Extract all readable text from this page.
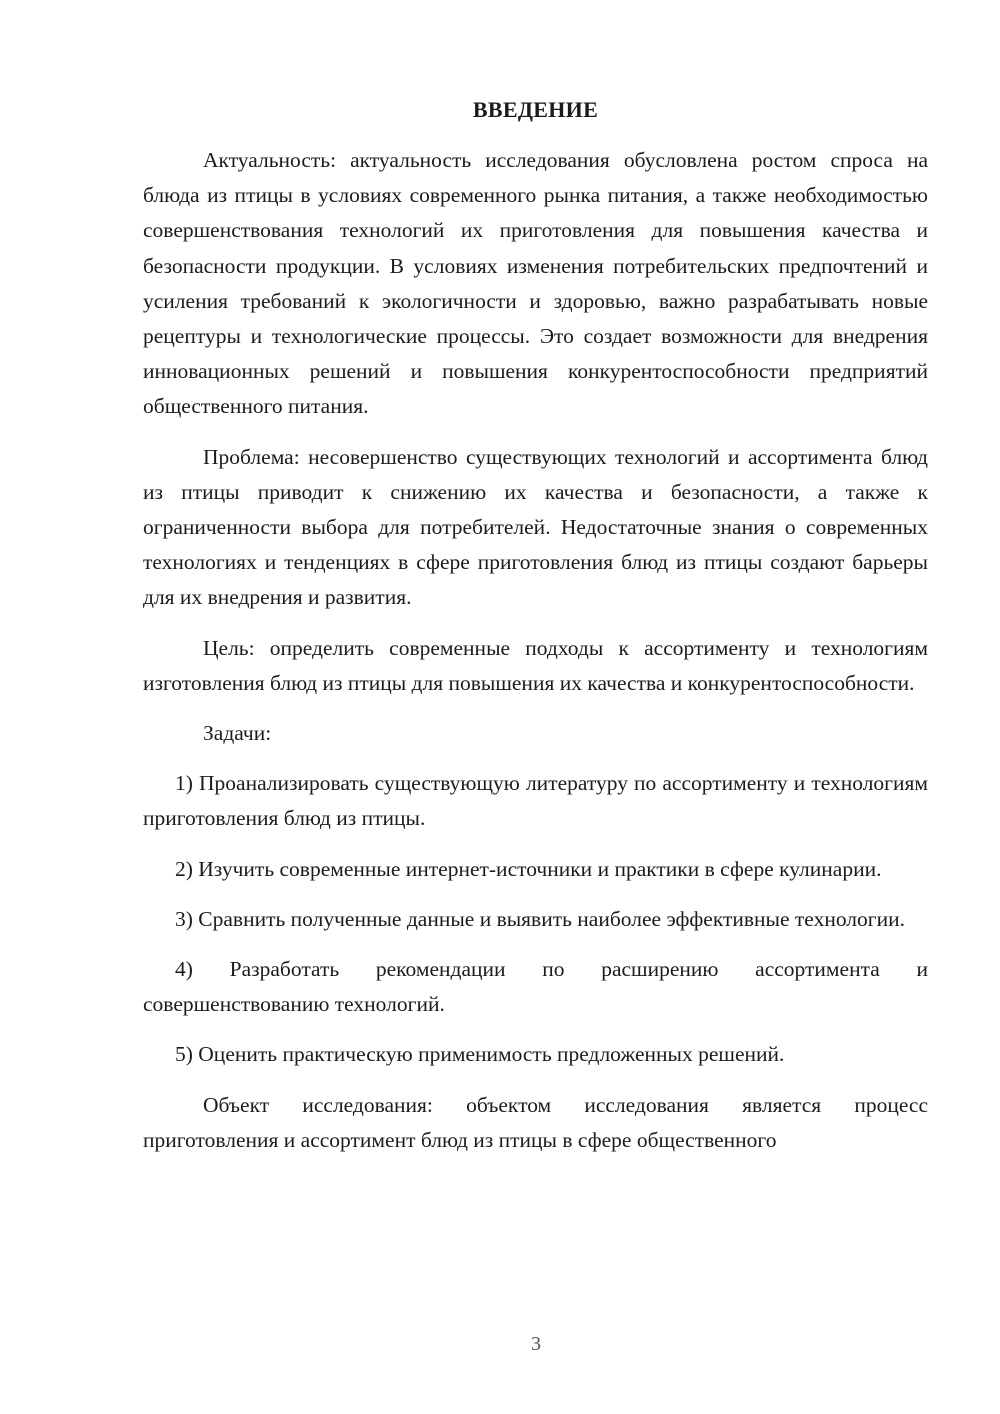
ВВЕДЕНИЕ

Актуальность: актуальность исследования обусловлена ростом спроса на блюда из птицы в условиях современного рынка питания, а также необходимостью совершенствования технологий их приготовления для повышения качества и безопасности продукции. В условиях изменения потребительских предпочтений и усиления требований к экологичности и здоровью, важно разрабатывать новые рецептуры и технологические процессы. Это создает возможности для внедрения инновационных решений и повышения конкурентоспособности предприятий общественного питания.

Проблема: несовершенство существующих технологий и ассортимента блюд из птицы приводит к снижению их качества и безопасности, а также к ограниченности выбора для потребителей. Недостаточные знания о современных технологиях и тенденциях в сфере приготовления блюд из птицы создают барьеры для их внедрения и развития.

Цель: определить современные подходы к ассортименту и технологиям изготовления блюд из птицы для повышения их качества и конкурентоспособности.

Задачи:

1) Проанализировать существующую литературу по ассортименту и технологиям приготовления блюд из птицы.

2) Изучить современные интернет-источники и практики в сфере кулинарии.

3) Сравнить полученные данные и выявить наиболее эффективные технологии.

4) Разработать рекомендации по расширению ассортимента и совершенствованию технологий.

5) Оценить практическую применимость предложенных решений.

Объект исследования: объектом исследования является процесс приготовления и ассортимент блюд из птицы в сфере общественного

3
